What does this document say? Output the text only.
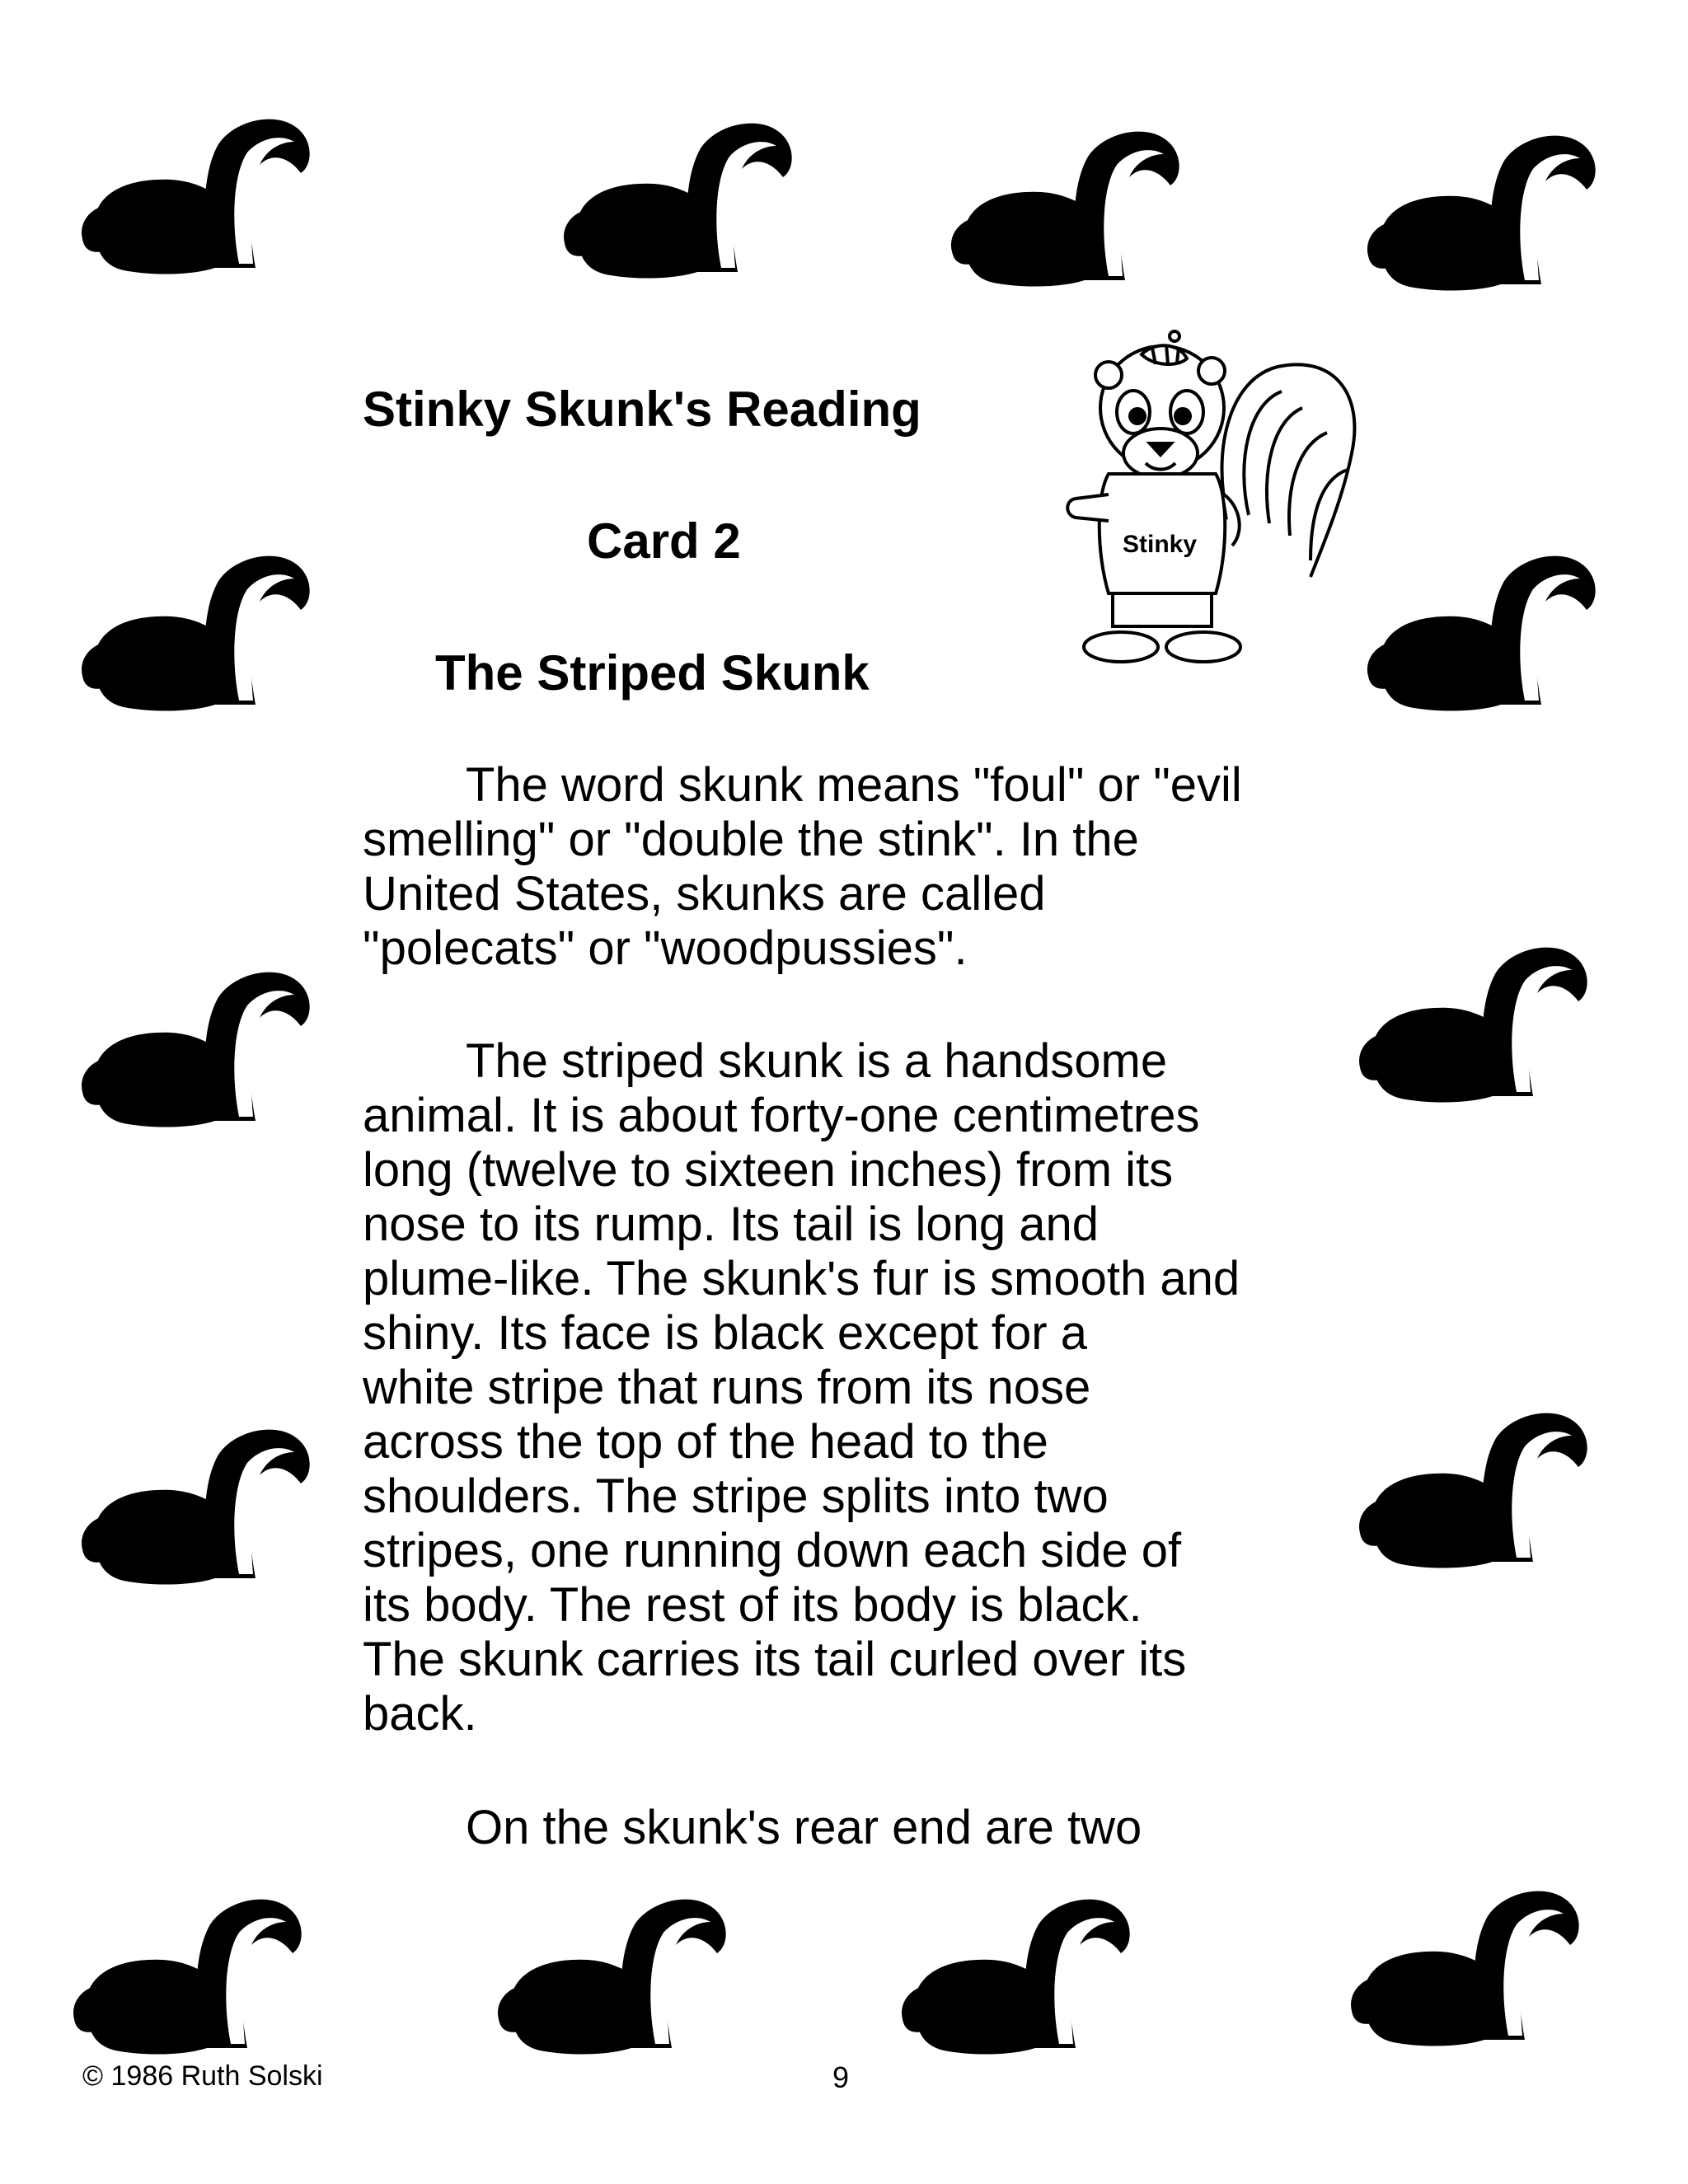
Stinky Skunk's Reading
Card 2
The Striped Skunk
Stinky

The word skunk means "foul" or "evil
smelling" or "double the stink". In the
United States, skunks are called
"polecats" or "woodpussies".

The striped skunk is a handsome
animal. It is about forty-one centimetres
long (twelve to sixteen inches) from its
nose to its rump. Its tail is long and
plume-like. The skunk's fur is smooth and
shiny. Its face is black except for a
white stripe that runs from its nose
across the top of the head to the
shoulders. The stripe splits into two
stripes, one running down each side of
its body. The rest of its body is black.
The skunk carries its tail curled over its
back.

On the skunk's rear end are two

© 1986 Ruth Solski	9
